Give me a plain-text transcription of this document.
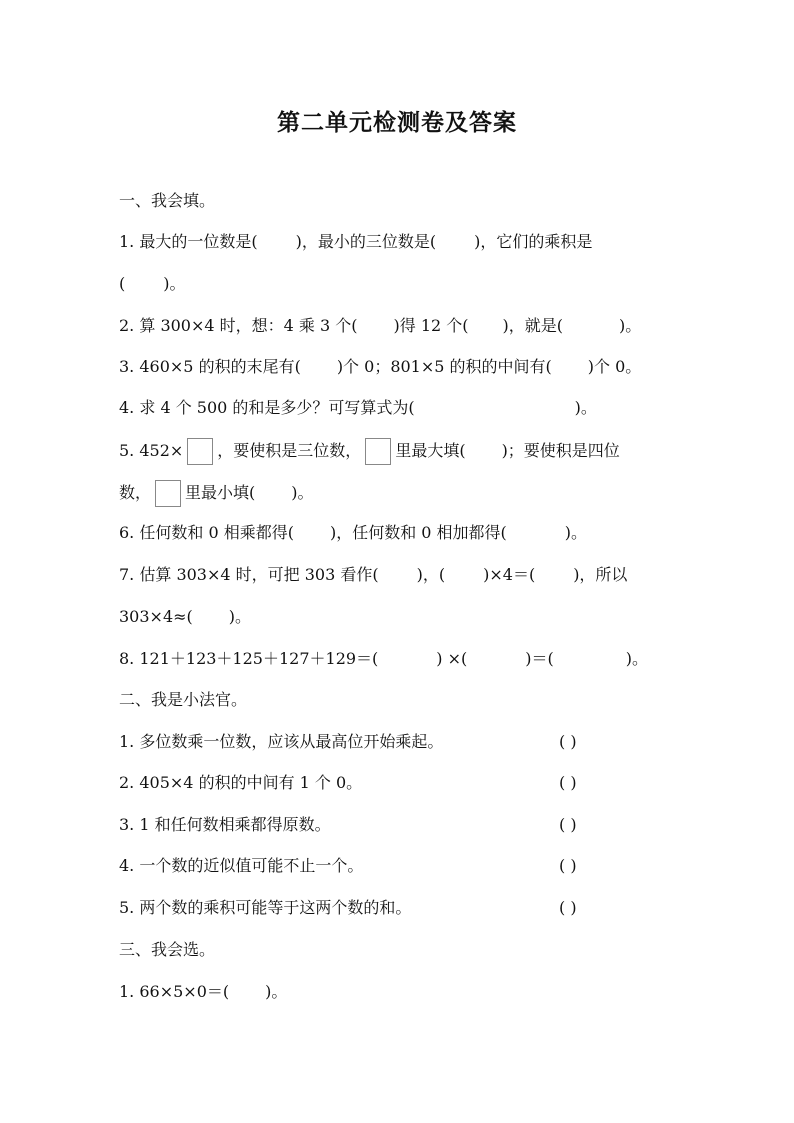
第二单元检测卷及答案
一、我会填。
1. 最大的一位数是( )，最小的三位数是( )，它们的乘积是
( )。
2. 算 300×4 时，想：4 乘 3 个( )得 12 个( )，就是(	)。
3. 460×5 的积的末尾有( )个 0；801×5 的积的中间有( )个 0。
4. 求 4 个 500 的和是多少？可写算式为(	)。
5. 452× ，要使积是三位数， 里最大填( )；要使积是四位
数， 里最小填( )。
6. 任何数和 0 相乘都得( )，任何数和 0 相加都得(	)。
7. 估算 303×4 时，可把 303 看作( )，( )×4＝( )，所以
303×4≈( )。
8. 121＋123＋125＋127＋129＝(	) ×(	)＝(	)。
二、我是小法官。
1. 多位数乘一位数，应该从最高位开始乘起。	( )
2. 405×4 的积的中间有 1 个 0。	( )
3. 1 和任何数相乘都得原数。	( )
4. 一个数的近似值可能不止一个。	( )
5. 两个数的乘积可能等于这两个数的和。	( )
三、我会选。
1. 66×5×0＝( )。
